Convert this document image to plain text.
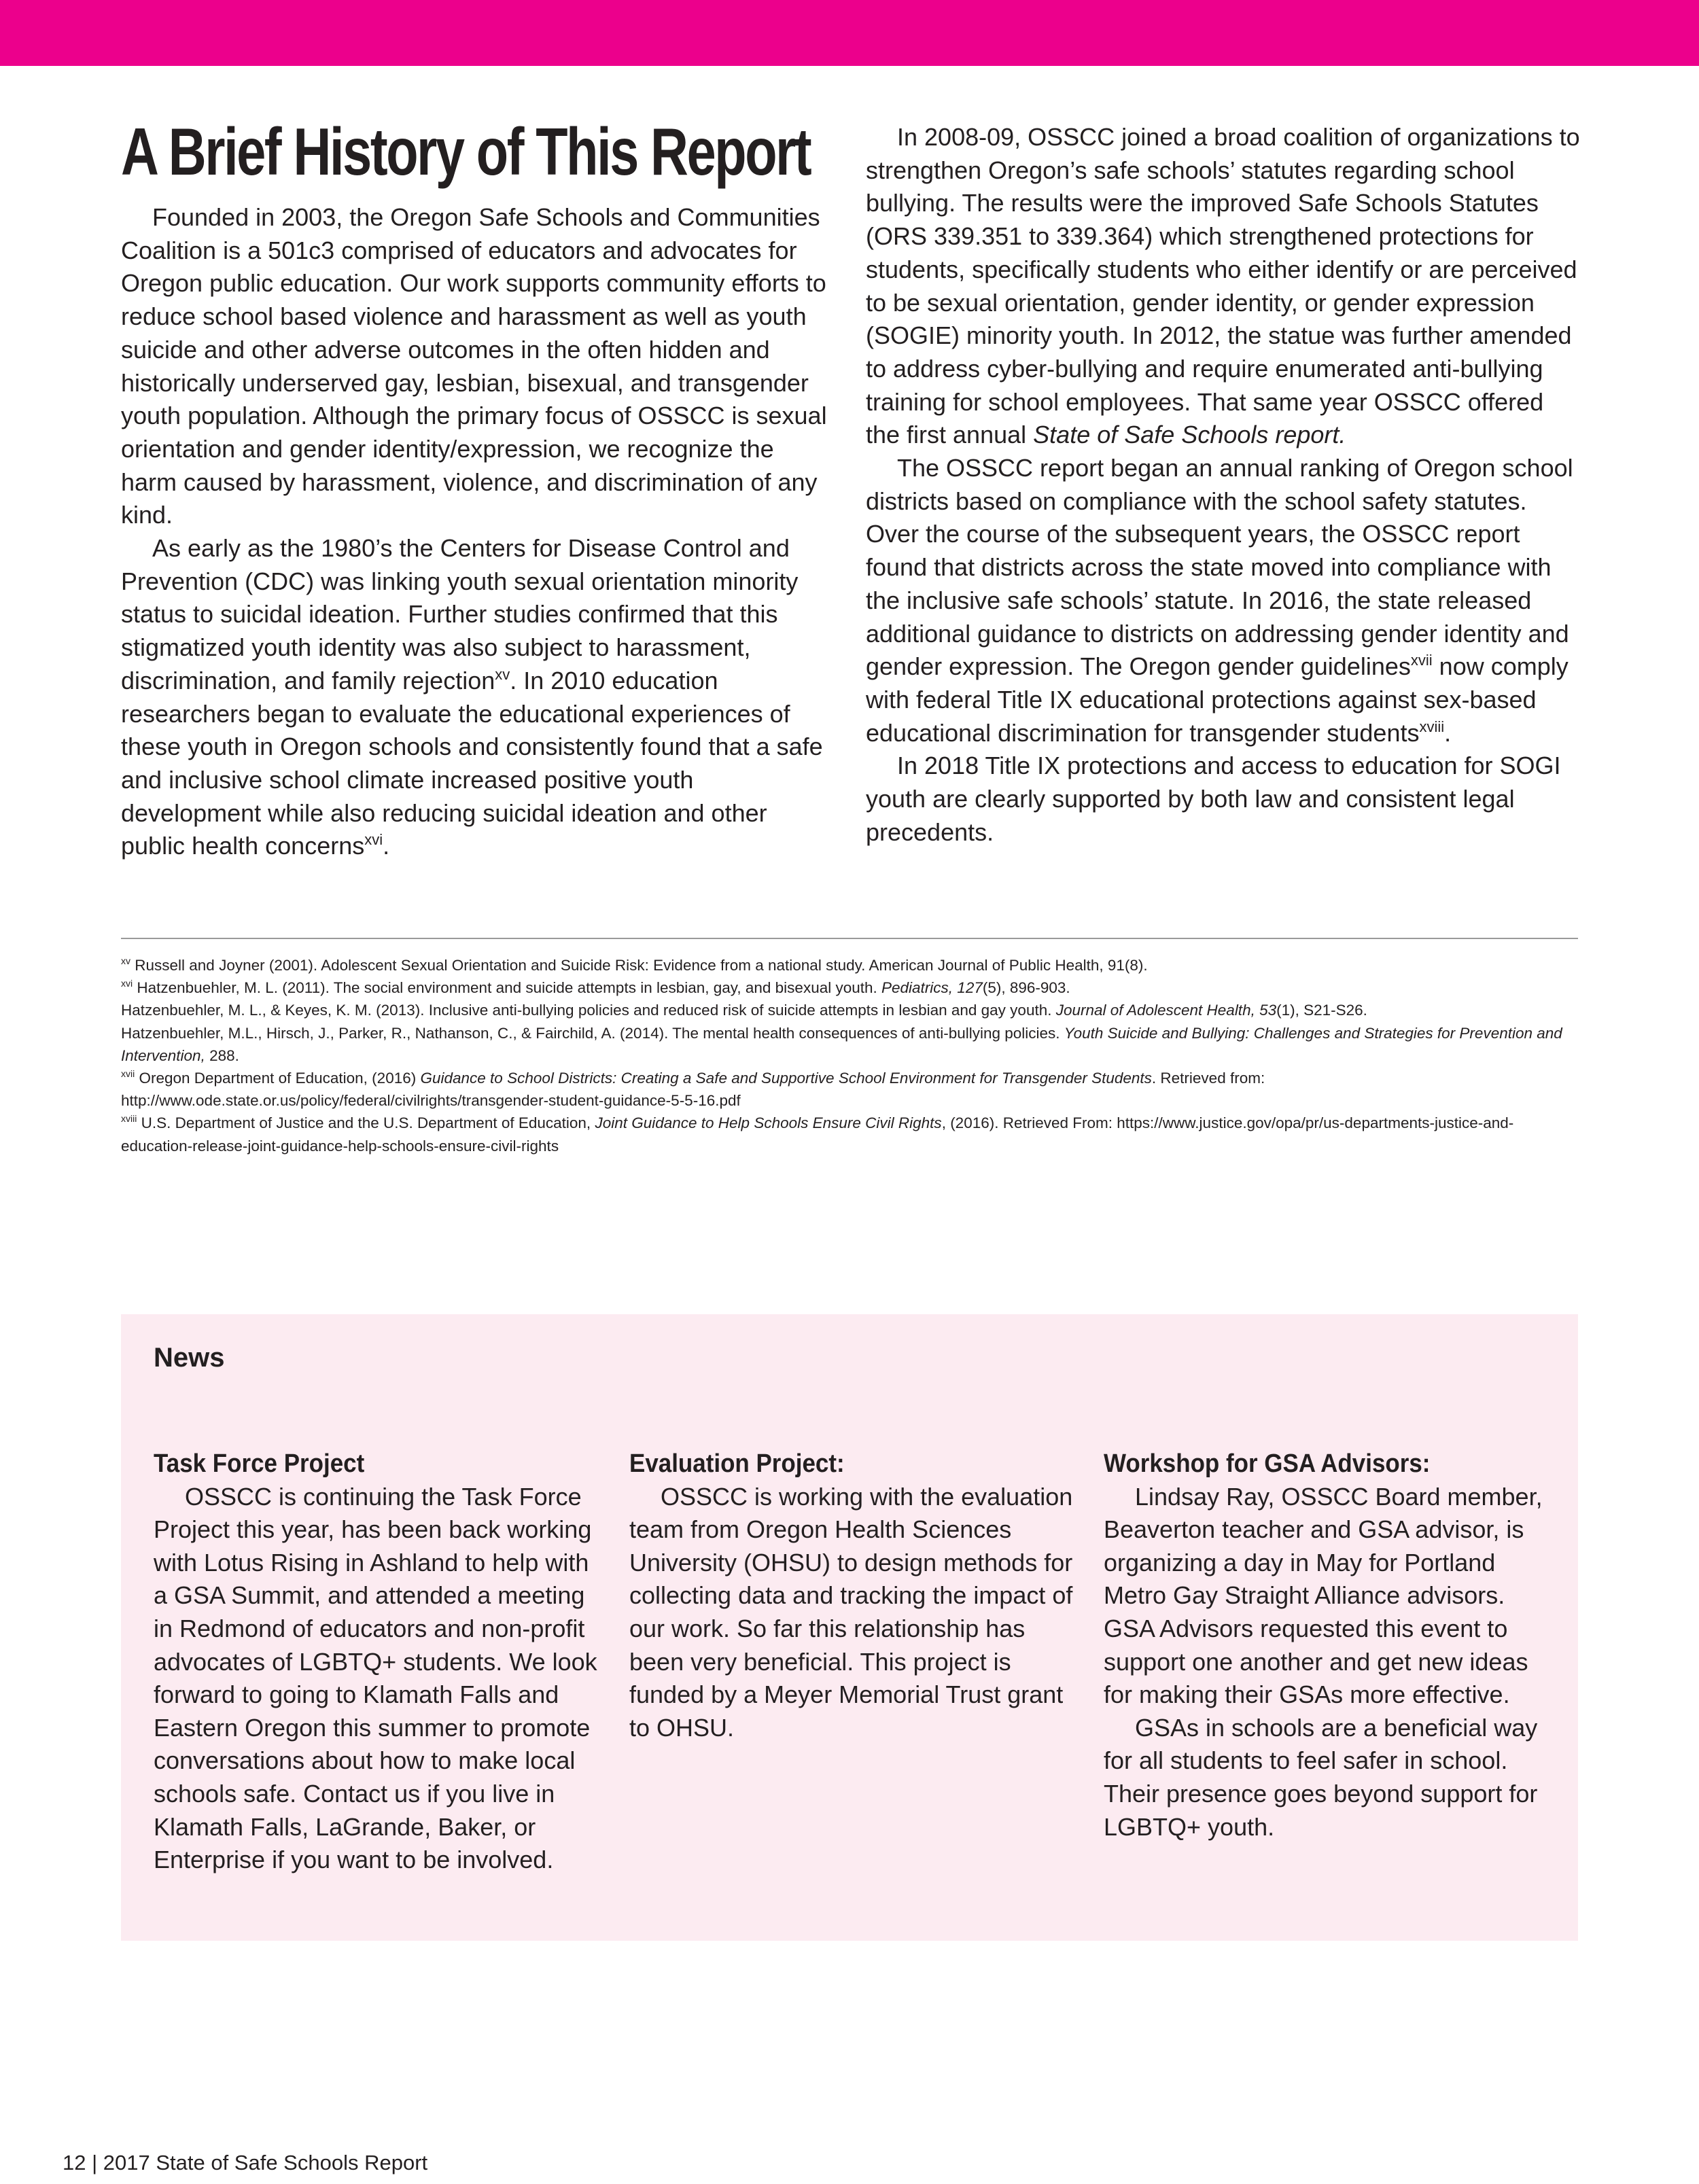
A Brief History of This Report

Founded in 2003, the Oregon Safe Schools and Communities Coalition is a 501c3 comprised of educators and advocates for Oregon public education. Our work supports community efforts to reduce school based violence and harassment as well as youth suicide and other adverse outcomes in the often hidden and historically underserved gay, lesbian, bisexual, and transgender youth population. Although the primary focus of OSSCC is sexual orientation and gender identity/expression, we recognize the harm caused by harassment, violence, and discrimination of any kind.

As early as the 1980’s the Centers for Disease Control and Prevention (CDC) was linking youth sexual orientation minority status to suicidal ideation. Further studies confirmed that this stigmatized youth identity was also subject to harassment, discrimination, and family rejection$^{xv}$. In 2010 education researchers began to evaluate the educational experiences of these youth in Oregon schools and consistently found that a safe and inclusive school climate increased positive youth development while also reducing suicidal ideation and other public health concerns$^{xvi}$.

In 2008-09, OSSCC joined a broad coalition of organizations to strengthen Oregon’s safe schools’ statutes regarding school bullying. The results were the improved Safe Schools Statutes (ORS 339.351 to 339.364) which strengthened protections for students, specifically students who either identify or are perceived to be sexual orientation, gender identity, or gender expression (SOGIE) minority youth. In 2012, the statue was further amended to address cyber-bullying and require enumerated anti-bullying training for school employees. That same year OSSCC offered the first annual State of Safe Schools report.

The OSSCC report began an annual ranking of Oregon school districts based on compliance with the school safety statutes. Over the course of the subsequent years, the OSSCC report found that districts across the state moved into compliance with the inclusive safe schools’ statute. In 2016, the state released additional guidance to districts on addressing gender identity and gender expression. The Oregon gender guidelines$^{xvii}$ now comply with federal Title IX educational protections against sex-based educational discrimination for transgender students$^{xviii}$.

In 2018 Title IX protections and access to education for SOGI youth are clearly supported by both law and consistent legal precedents.

$^{xv}$ Russell and Joyner (2001). Adolescent Sexual Orientation and Suicide Risk: Evidence from a national study. American Journal of Public Health, 91(8).

$^{xvi}$ Hatzenbuehler, M. L. (2011). The social environment and suicide attempts in lesbian, gay, and bisexual youth. Pediatrics, 127(5), 896-903.

Hatzenbuehler, M. L., & Keyes, K. M. (2013). Inclusive anti-bullying policies and reduced risk of suicide attempts in lesbian and gay youth. Journal of Adolescent Health, 53(1), S21-S26.

Hatzenbuehler, M.L., Hirsch, J., Parker, R., Nathanson, C., & Fairchild, A. (2014). The mental health consequences of anti-bullying policies. Youth Suicide and Bullying: Challenges and Strategies for Prevention and Intervention, 288.

$^{xvii}$ Oregon Department of Education, (2016) Guidance to School Districts: Creating a Safe and Supportive School Environment for Transgender Students. Retrieved from: http://www.ode.state.or.us/policy/federal/civilrights/transgender-student-guidance-5-5-16.pdf

$^{xviii}$ U.S. Department of Justice and the U.S. Department of Education, Joint Guidance to Help Schools Ensure Civil Rights, (2016). Retrieved From: https://www.justice.gov/opa/pr/us-departments-justice-and-education-release-joint-guidance-help-schools-ensure-civil-rights

News
Task Force Project

OSSCC is continuing the Task Force Project this year, has been back working with Lotus Rising in Ashland to help with a GSA Summit, and attended a meeting in Redmond of educators and non-profit advocates of LGBTQ+ students. We look forward to going to Klamath Falls and Eastern Oregon this summer to promote conversations about how to make local schools safe. Contact us if you live in Klamath Falls, LaGrande, Baker, or Enterprise if you want to be involved.

Evaluation Project:

OSSCC is working with the evaluation team from Oregon Health Sciences University (OHSU) to design methods for collecting data and tracking the impact of our work. So far this relationship has been very beneficial. This project is funded by a Meyer Memorial Trust grant to OHSU.

Workshop for GSA Advisors:

Lindsay Ray, OSSCC Board member, Beaverton teacher and GSA advisor, is organizing a day in May for Portland Metro Gay Straight Alliance advisors. GSA Advisors requested this event to support one another and get new ideas for making their GSAs more effective.

GSAs in schools are a beneficial way for all students to feel safer in school. Their presence goes beyond support for LGBTQ+ youth.

12 | 2017 State of Safe Schools Report
